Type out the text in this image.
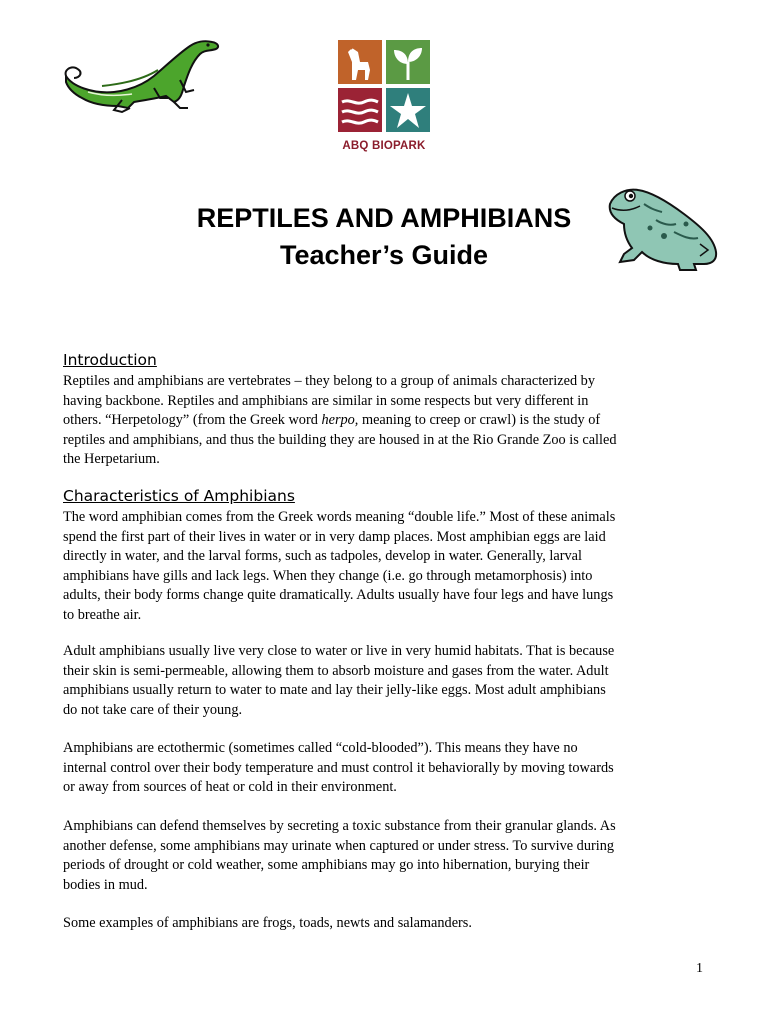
ABQ BIOPARK
REPTILES AND AMPHIBIANS
Teacher’s Guide
Introduction

Reptiles and amphibians are vertebrates – they belong to a group of animals characterized by
having backbone. Reptiles and amphibians are similar in some respects but very different in
others. “Herpetology” (from the Greek word herpo, meaning to creep or crawl) is the study of
reptiles and amphibians, and thus the building they are housed in at the Rio Grande Zoo is called
the Herpetarium.

Characteristics of Amphibians

The word amphibian comes from the Greek words meaning “double life.” Most of these animals
spend the first part of their lives in water or in very damp places. Most amphibian eggs are laid
directly in water, and the larval forms, such as tadpoles, develop in water. Generally, larval
amphibians have gills and lack legs. When they change (i.e. go through metamorphosis) into
adults, their body forms change quite dramatically. Adults usually have four legs and have lungs
to breathe air.

Adult amphibians usually live very close to water or live in very humid habitats. That is because
their skin is semi-permeable, allowing them to absorb moisture and gases from the water. Adult
amphibians usually return to water to mate and lay their jelly-like eggs. Most adult amphibians
do not take care of their young.

Amphibians are ectothermic (sometimes called “cold-blooded”). This means they have no
internal control over their body temperature and must control it behaviorally by moving towards
or away from sources of heat or cold in their environment.

Amphibians can defend themselves by secreting a toxic substance from their granular glands. As
another defense, some amphibians may urinate when captured or under stress. To survive during
periods of drought or cold weather, some amphibians may go into hibernation, burying their
bodies in mud.

Some examples of amphibians are frogs, toads, newts and salamanders.

1
